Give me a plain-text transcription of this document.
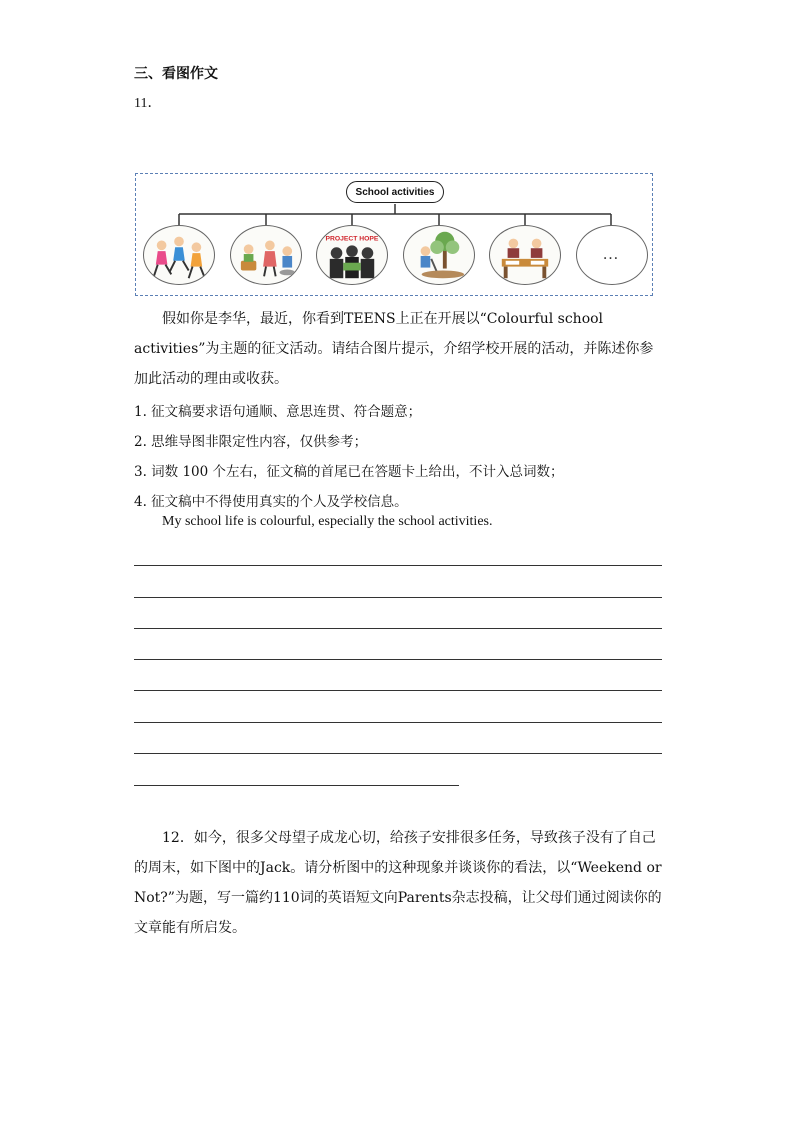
三、看图作文
11．
School activities
PROJECT HOPE
…
假如你是李华，最近，你看到TEENS上正在开展以“Colourful school activities”为主题的征文活动。请结合图片提示，介绍学校开展的活动，并陈述你参加此活动的理由或收获。
1. 征文稿要求语句通顺、意思连贯、符合题意；
2. 思维导图非限定性内容，仅供参考；
3. 词数 100 个左右，征文稿的首尾已在答题卡上给出，不计入总词数；
4. 征文稿中不得使用真实的个人及学校信息。
My school life is colourful, especially the school activities.
12．如今，很多父母望子成龙心切，给孩子安排很多任务，导致孩子没有了自己的周末，如下图中的Jack。请分析图中的这种现象并谈谈你的看法，以“Weekend or Not?”为题，写一篇约110词的英语短文向Parents杂志投稿，让父母们通过阅读你的文章能有所启发。
